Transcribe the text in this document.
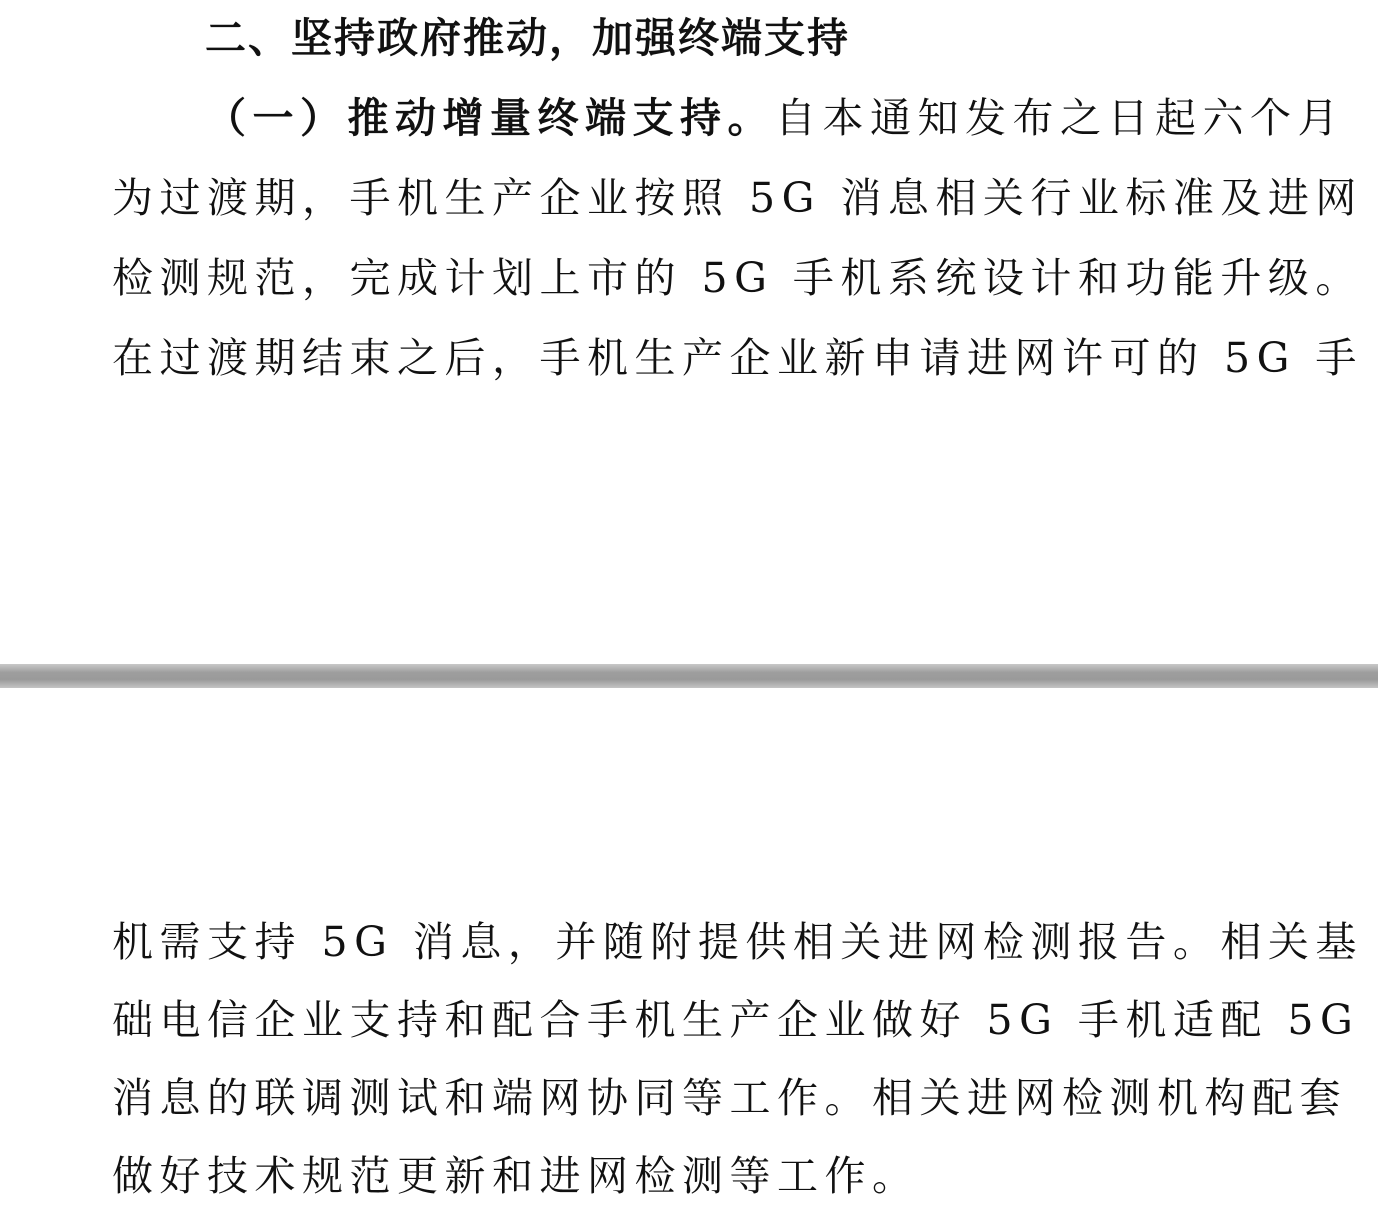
二、坚持政府推动，加强终端支持
（一）推动增量终端支持。自本通知发布之日起六个月
为过渡期，手机生产企业按照 5G 消息相关行业标准及进网
检测规范，完成计划上市的 5G 手机系统设计和功能升级。
在过渡期结束之后，手机生产企业新申请进网许可的 5G 手
机需支持 5G 消息，并随附提供相关进网检测报告。相关基
础电信企业支持和配合手机生产企业做好 5G 手机适配 5G
消息的联调测试和端网协同等工作。相关进网检测机构配套
做好技术规范更新和进网检测等工作。
